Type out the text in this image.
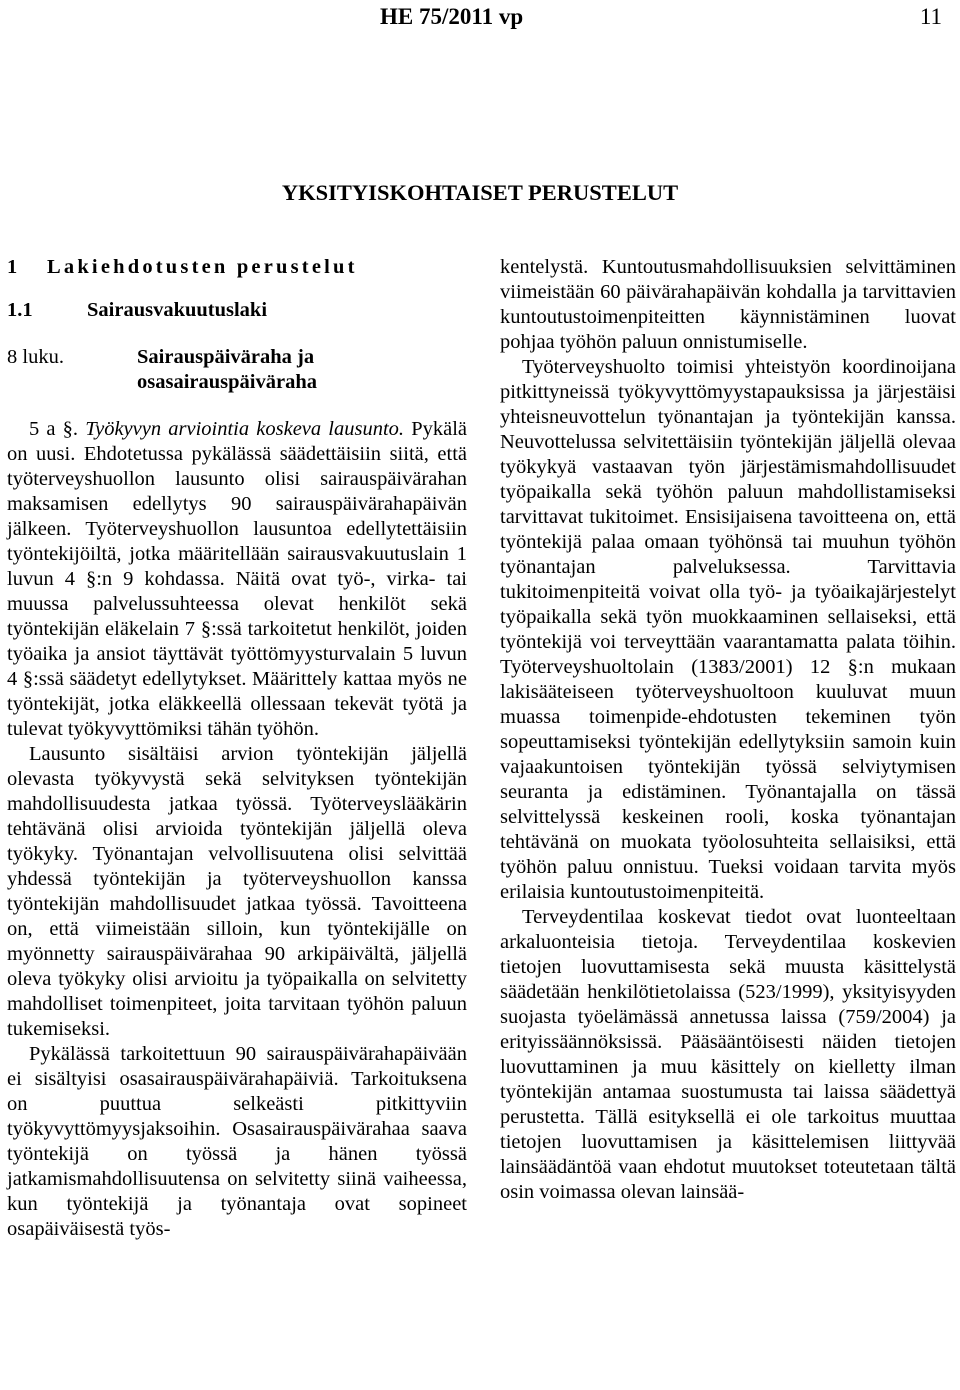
HE 75/2011 vp	11
YKSITYISKOHTAISET PERUSTELUT
1	Lakiehdotusten perustelut
1.1	Sairausvakuutuslaki
8 luku.	Sairauspäiväraha ja osasairauspäiväraha

5 a §. Työkyvyn arviointia koskeva lausunto. Pykälä on uusi. Ehdotetussa pykälässä säädettäisiin siitä, että työterveyshuollon lausunto olisi sairauspäivärahan maksamisen edellytys 90 sairauspäivärahapäivän jälkeen. Työterveyshuollon lausuntoa edellytettäisiin työntekijöiltä, jotka määritellään sairausvakuutuslain 1 luvun 4 §:n 9 kohdassa. Näitä ovat työ-, virka- tai muussa palvelussuhteessa olevat henkilöt sekä työntekijän eläkelain 7 §:ssä tarkoitetut henkilöt, joiden työaika ja ansiot täyttävät työttömyysturvalain 5 luvun 4 §:ssä säädetyt edellytykset. Määrittely kattaa myös ne työntekijät, jotka eläkkeellä ollessaan tekevät työtä ja tulevat työkyvyttömiksi tähän työhön.

Lausunto sisältäisi arvion työntekijän jäljellä olevasta työkyvystä sekä selvityksen työntekijän mahdollisuudesta jatkaa työssä. Työterveyslääkärin tehtävänä olisi arvioida työntekijän jäljellä oleva työkyky. Työnantajan velvollisuutena olisi selvittää yhdessä työntekijän ja työterveyshuollon kanssa työntekijän mahdollisuudet jatkaa työssä. Tavoitteena on, että viimeistään silloin, kun työntekijälle on myönnetty sairauspäivärahaa 90 arkipäivältä, jäljellä oleva työkyky olisi arvioitu ja työpaikalla on selvitetty mahdolliset toimenpiteet, joita tarvitaan työhön paluun tukemiseksi.

Pykälässä tarkoitettuun 90 sairauspäivärahapäivään ei sisältyisi osasairauspäivärahapäiviä. Tarkoituksena on puuttua selkeästi pitkittyviin työkyvyttömyysjaksoihin. Osasairauspäivärahaa saava työntekijä on työssä ja hänen työssä jatkamismahdollisuutensa on selvitetty siinä vaiheessa, kun työntekijä ja työnantaja ovat sopineet osapäiväisestä työs-

kentelystä. Kuntoutusmahdollisuuksien selvittäminen viimeistään 60 päivärahapäivän kohdalla ja tarvittavien kuntoutustoimenpiteitten käynnistäminen luovat pohjaa työhön paluun onnistumiselle.

Työterveyshuolto toimisi yhteistyön koordinoijana pitkittyneissä työkyvyttömyystapauksissa ja järjestäisi yhteisneuvottelun työnantajan ja työntekijän kanssa. Neuvottelussa selvitettäisiin työntekijän jäljellä olevaa työkykyä vastaavan työn järjestämismahdollisuudet työpaikalla sekä työhön paluun mahdollistamiseksi tarvittavat tukitoimet. Ensisijaisena tavoitteena on, että työntekijä palaa omaan työhönsä tai muuhun työhön työnantajan palveluksessa. Tarvittavia tukitoimenpiteitä voivat olla työ- ja työaikajärjestelyt työpaikalla sekä työn muokkaaminen sellaiseksi, että työntekijä voi terveyttään vaarantamatta palata töihin. Työterveyshuoltolain (1383/2001) 12 §:n mukaan lakisääteiseen työterveyshuoltoon kuuluvat muun muassa toimenpide-ehdotusten tekeminen työn sopeuttamiseksi työntekijän edellytyksiin samoin kuin vajaakuntoisen työntekijän työssä selviytymisen seuranta ja edistäminen. Työnantajalla on tässä selvittelyssä keskeinen rooli, koska työnantajan tehtävänä on muokata työolosuhteita sellaisiksi, että työhön paluu onnistuu. Tueksi voidaan tarvita myös erilaisia kuntoutustoimenpiteitä.

Terveydentilaa koskevat tiedot ovat luonteeltaan arkaluonteisia tietoja. Terveydentilaa koskevien tietojen luovuttamisesta sekä muusta käsittelystä säädetään henkilötietolaissa (523/1999), yksityisyyden suojasta työelämässä annetussa laissa (759/2004) ja erityissäännöksissä. Pääsääntöisesti näiden tietojen luovuttaminen ja muu käsittely on kielletty ilman työntekijän antamaa suostumusta tai laissa säädettyä perustetta. Tällä esityksellä ei ole tarkoitus muuttaa tietojen luovuttamisen ja käsittelemisen liittyvää lainsäädäntöä vaan ehdotut muutokset toteutetaan tältä osin voimassa olevan lainsää-
